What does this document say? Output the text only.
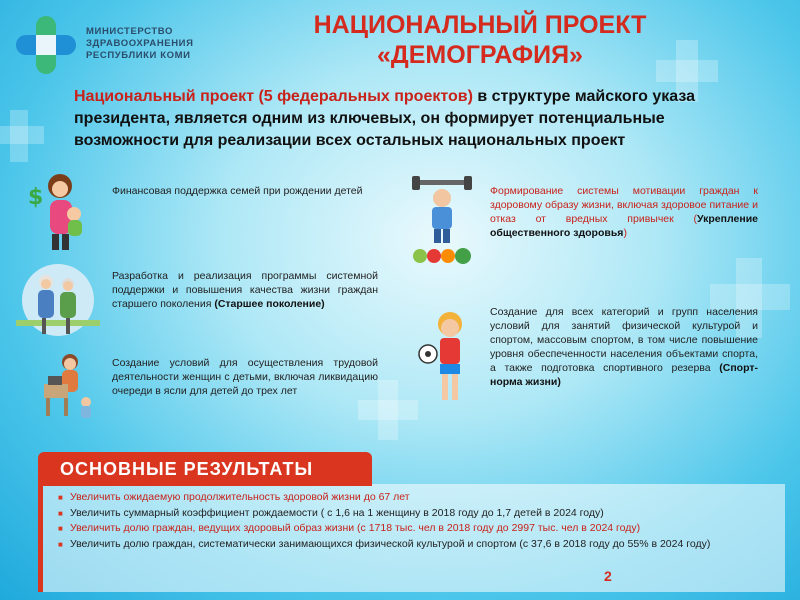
МИНИСТЕРСТВО
ЗДРАВООХРАНЕНИЯ
РЕСПУБЛИКИ КОМИ
НАЦИОНАЛЬНЫЙ ПРОЕКТ
«ДЕМОГРАФИЯ»
Национальный проект (5 федеральных проектов) в структуре майского указа президента, является одним из ключевых, он формирует потенциальные возможности для реализации всех остальных национальных проект
$	Финансовая поддержка семей при рождении детей
Разработка и реализация программы системной поддержки и повышения качества жизни граждан старшего поколения (Старшее поколение)
Создание условий для осуществления трудовой деятельности женщин с детьми, включая ликвидацию очереди в ясли для детей до трех лет
Формирование системы мотивации граждан к здоровому образу жизни, включая здоровое питание и отказ от вредных привычек (Укрепление общественного здоровья)
Создание для всех категорий и групп населения условий для занятий физической культурой и спортом, массовым спортом, в том числе повышение уровня обеспеченности населения объектами спорта, а также подготовка спортивного резерва (Спорт-норма жизни)
ОСНОВНЫЕ РЕЗУЛЬТАТЫ
■ Увеличить ожидаемую продолжительность здоровой жизни до 67 лет
■ Увеличить суммарный коэффициент рождаемости ( с 1,6 на 1 женщину в 2018 году до 1,7 детей в 2024 году)
■ Увеличить долю граждан, ведущих здоровый образ жизни (с 1718 тыс. чел в 2018 году до 2997 тыс. чел в 2024 году)
■ Увеличить долю граждан, систематически занимающихся физической культурой и спортом (с 37,6 в 2018 году до 55% в 2024 году)
2
